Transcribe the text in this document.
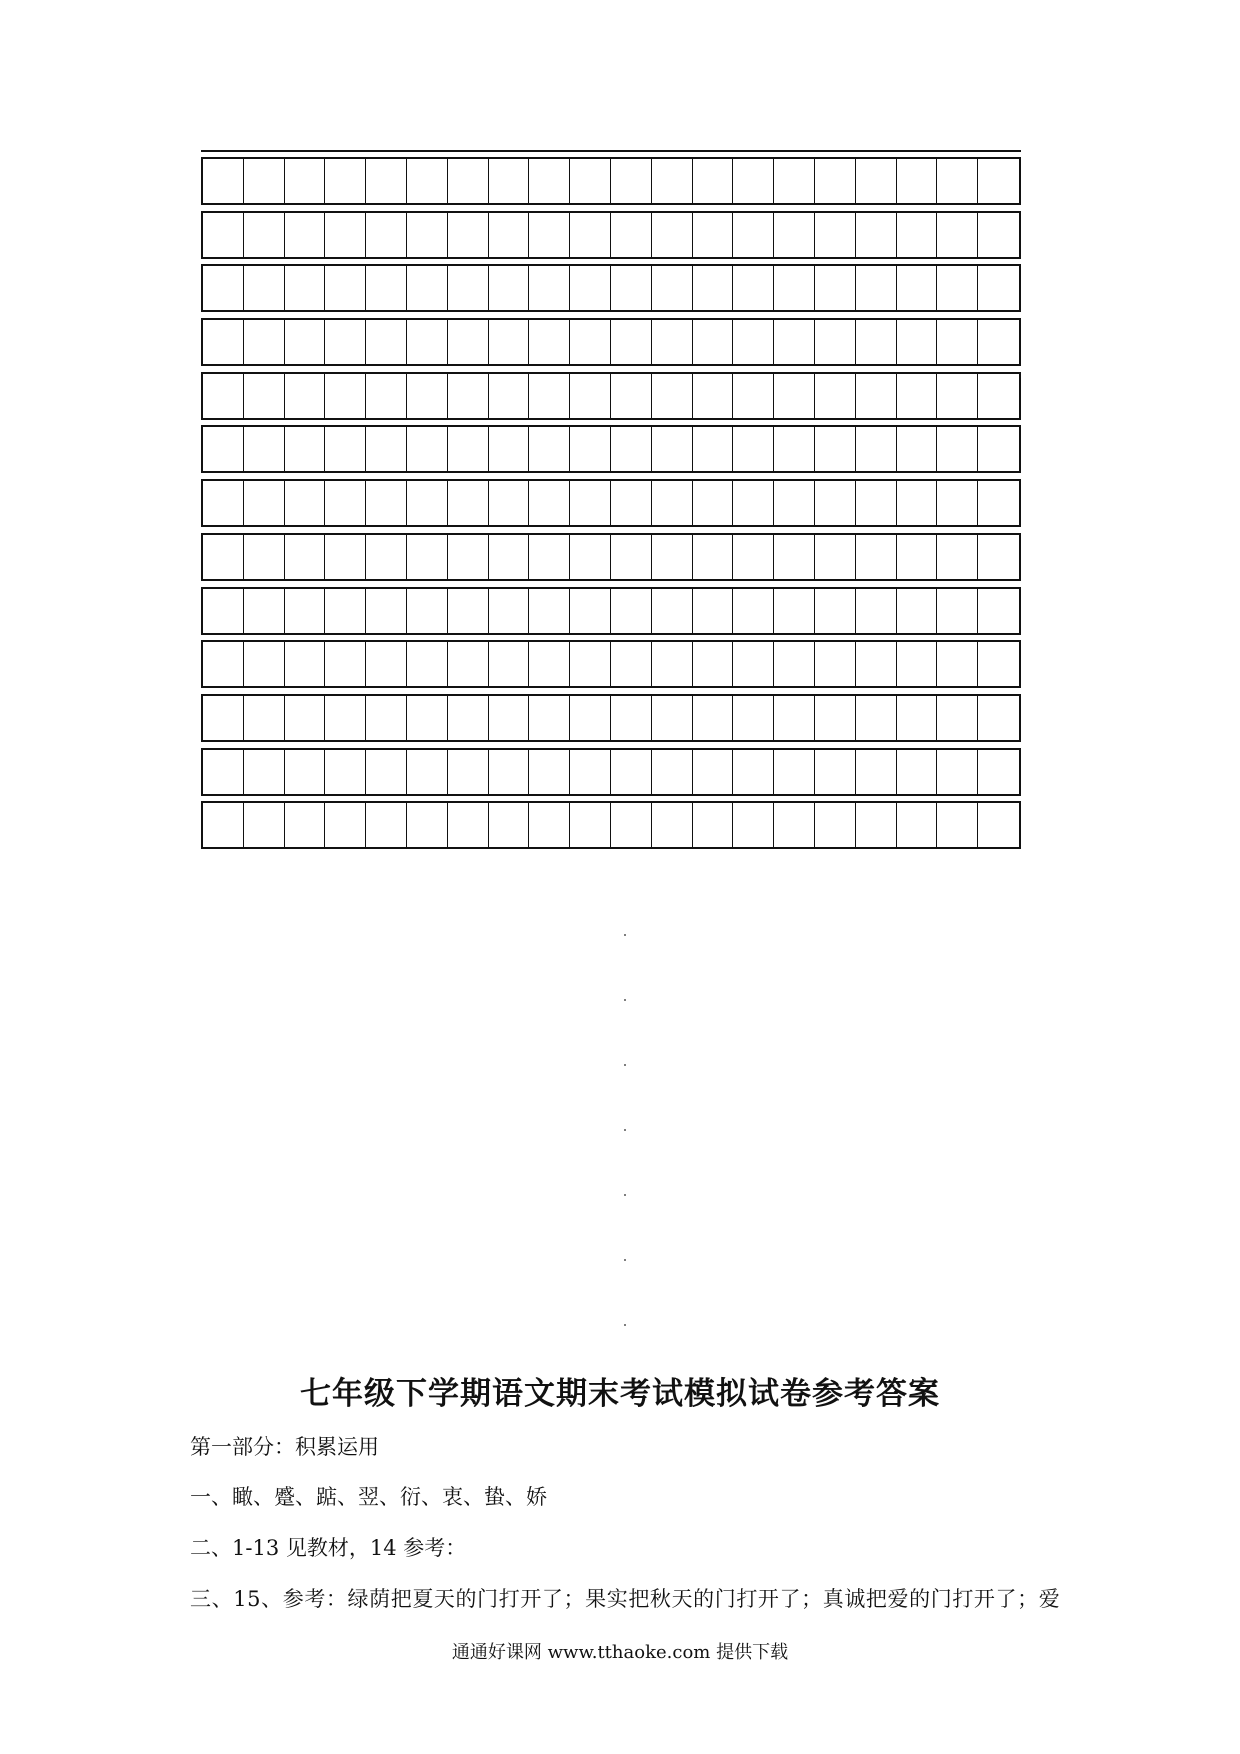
七年级下学期语文期末考试模拟试卷参考答案
第一部分：积累运用
一、瞰、蹙、踮、翌、衍、衷、蛰、娇
二、1-13 见教材，14 参考：
三、15、参考：绿荫把夏天的门打开了；果实把秋天的门打开了；真诚把爱的门打开了；爱
通通好课网 www.tthaoke.com 提供下载
